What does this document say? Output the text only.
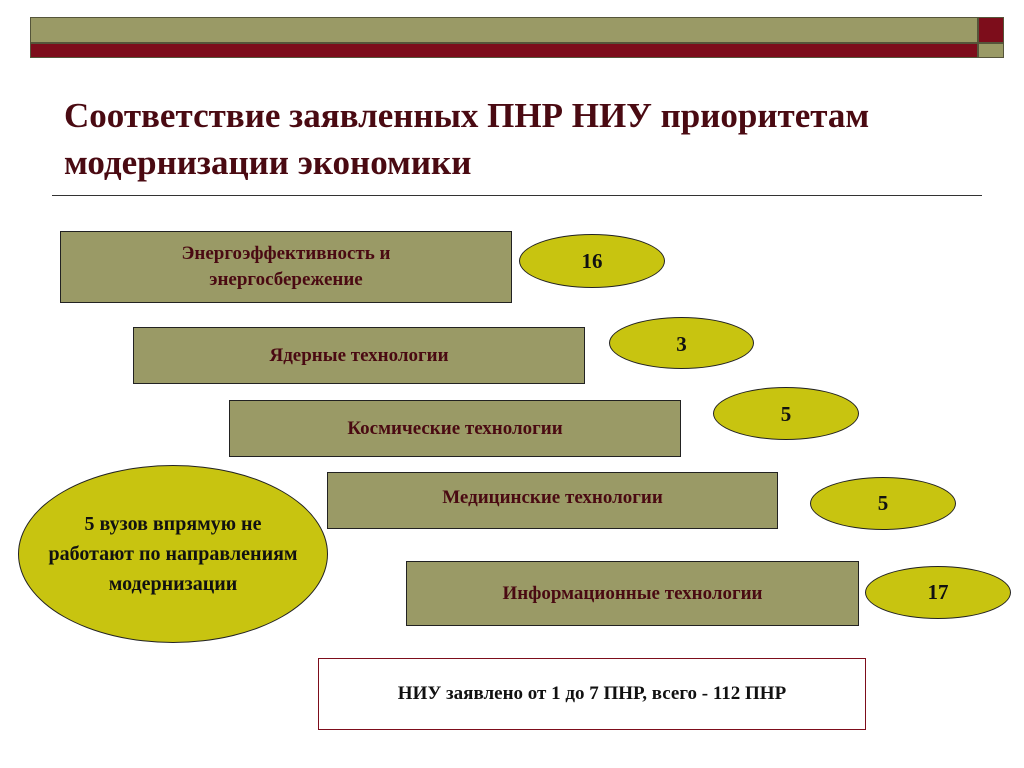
Соответствие заявленных ПНР НИУ приоритетам модернизации экономики
Энергоэффективность и энергосбережение
Ядерные технологии
Космические технологии
Медицинские технологии
Информационные технологии
16
3
5
5
17
5 вузов впрямую не работают по направлениям модернизации
НИУ заявлено от 1 до 7 ПНР, всего - 112 ПНР
